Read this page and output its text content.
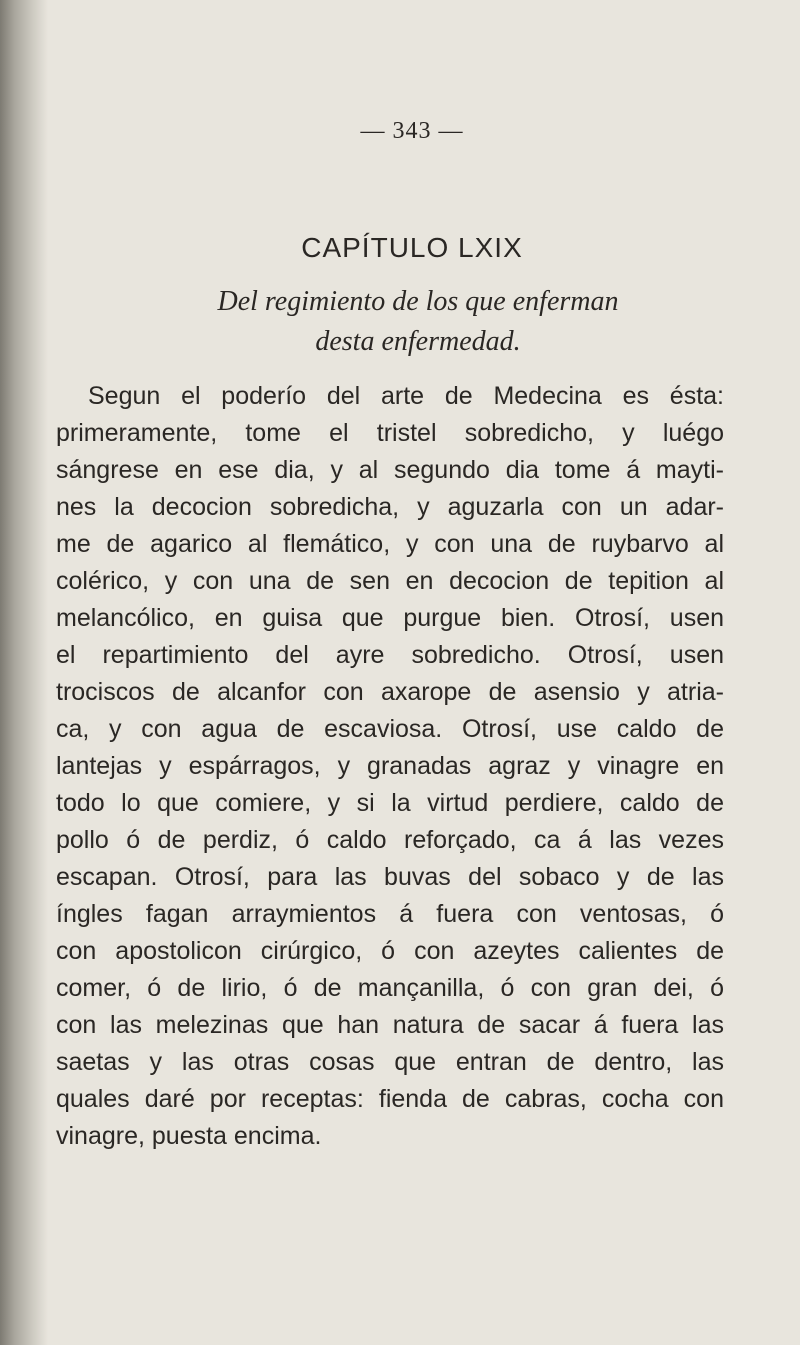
— 343 —
CAPÍTULO LXIX
Del regimiento de los que enferman
desta enfermedad.
Segun el poderío del arte de Medecina es ésta:
primeramente, tome el tristel sobredicho, y luégo
sángrese en ese dia, y al segundo dia tome á mayti-
nes la decocion sobredicha, y aguzarla con un adar-
me de agarico al flemático, y con una de ruybarvo al
colérico, y con una de sen en decocion de tepition al
melancólico, en guisa que purgue bien. Otrosí, usen
el repartimiento del ayre sobredicho. Otrosí, usen
trociscos de alcanfor con axarope de asensio y atria-
ca, y con agua de escaviosa. Otrosí, use caldo de
lantejas y espárragos, y granadas agraz y vinagre en
todo lo que comiere, y si la virtud perdiere, caldo de
pollo ó de perdiz, ó caldo reforçado, ca á las vezes
escapan. Otrosí, para las buvas del sobaco y de las
íngles fagan arraymientos á fuera con ventosas, ó
con apostolicon cirúrgico, ó con azeytes calientes de
comer, ó de lirio, ó de mançanilla, ó con gran dei, ó
con las melezinas que han natura de sacar á fuera las
saetas y las otras cosas que entran de dentro, las
quales daré por receptas: fienda de cabras, cocha con
vinagre, puesta encima.
